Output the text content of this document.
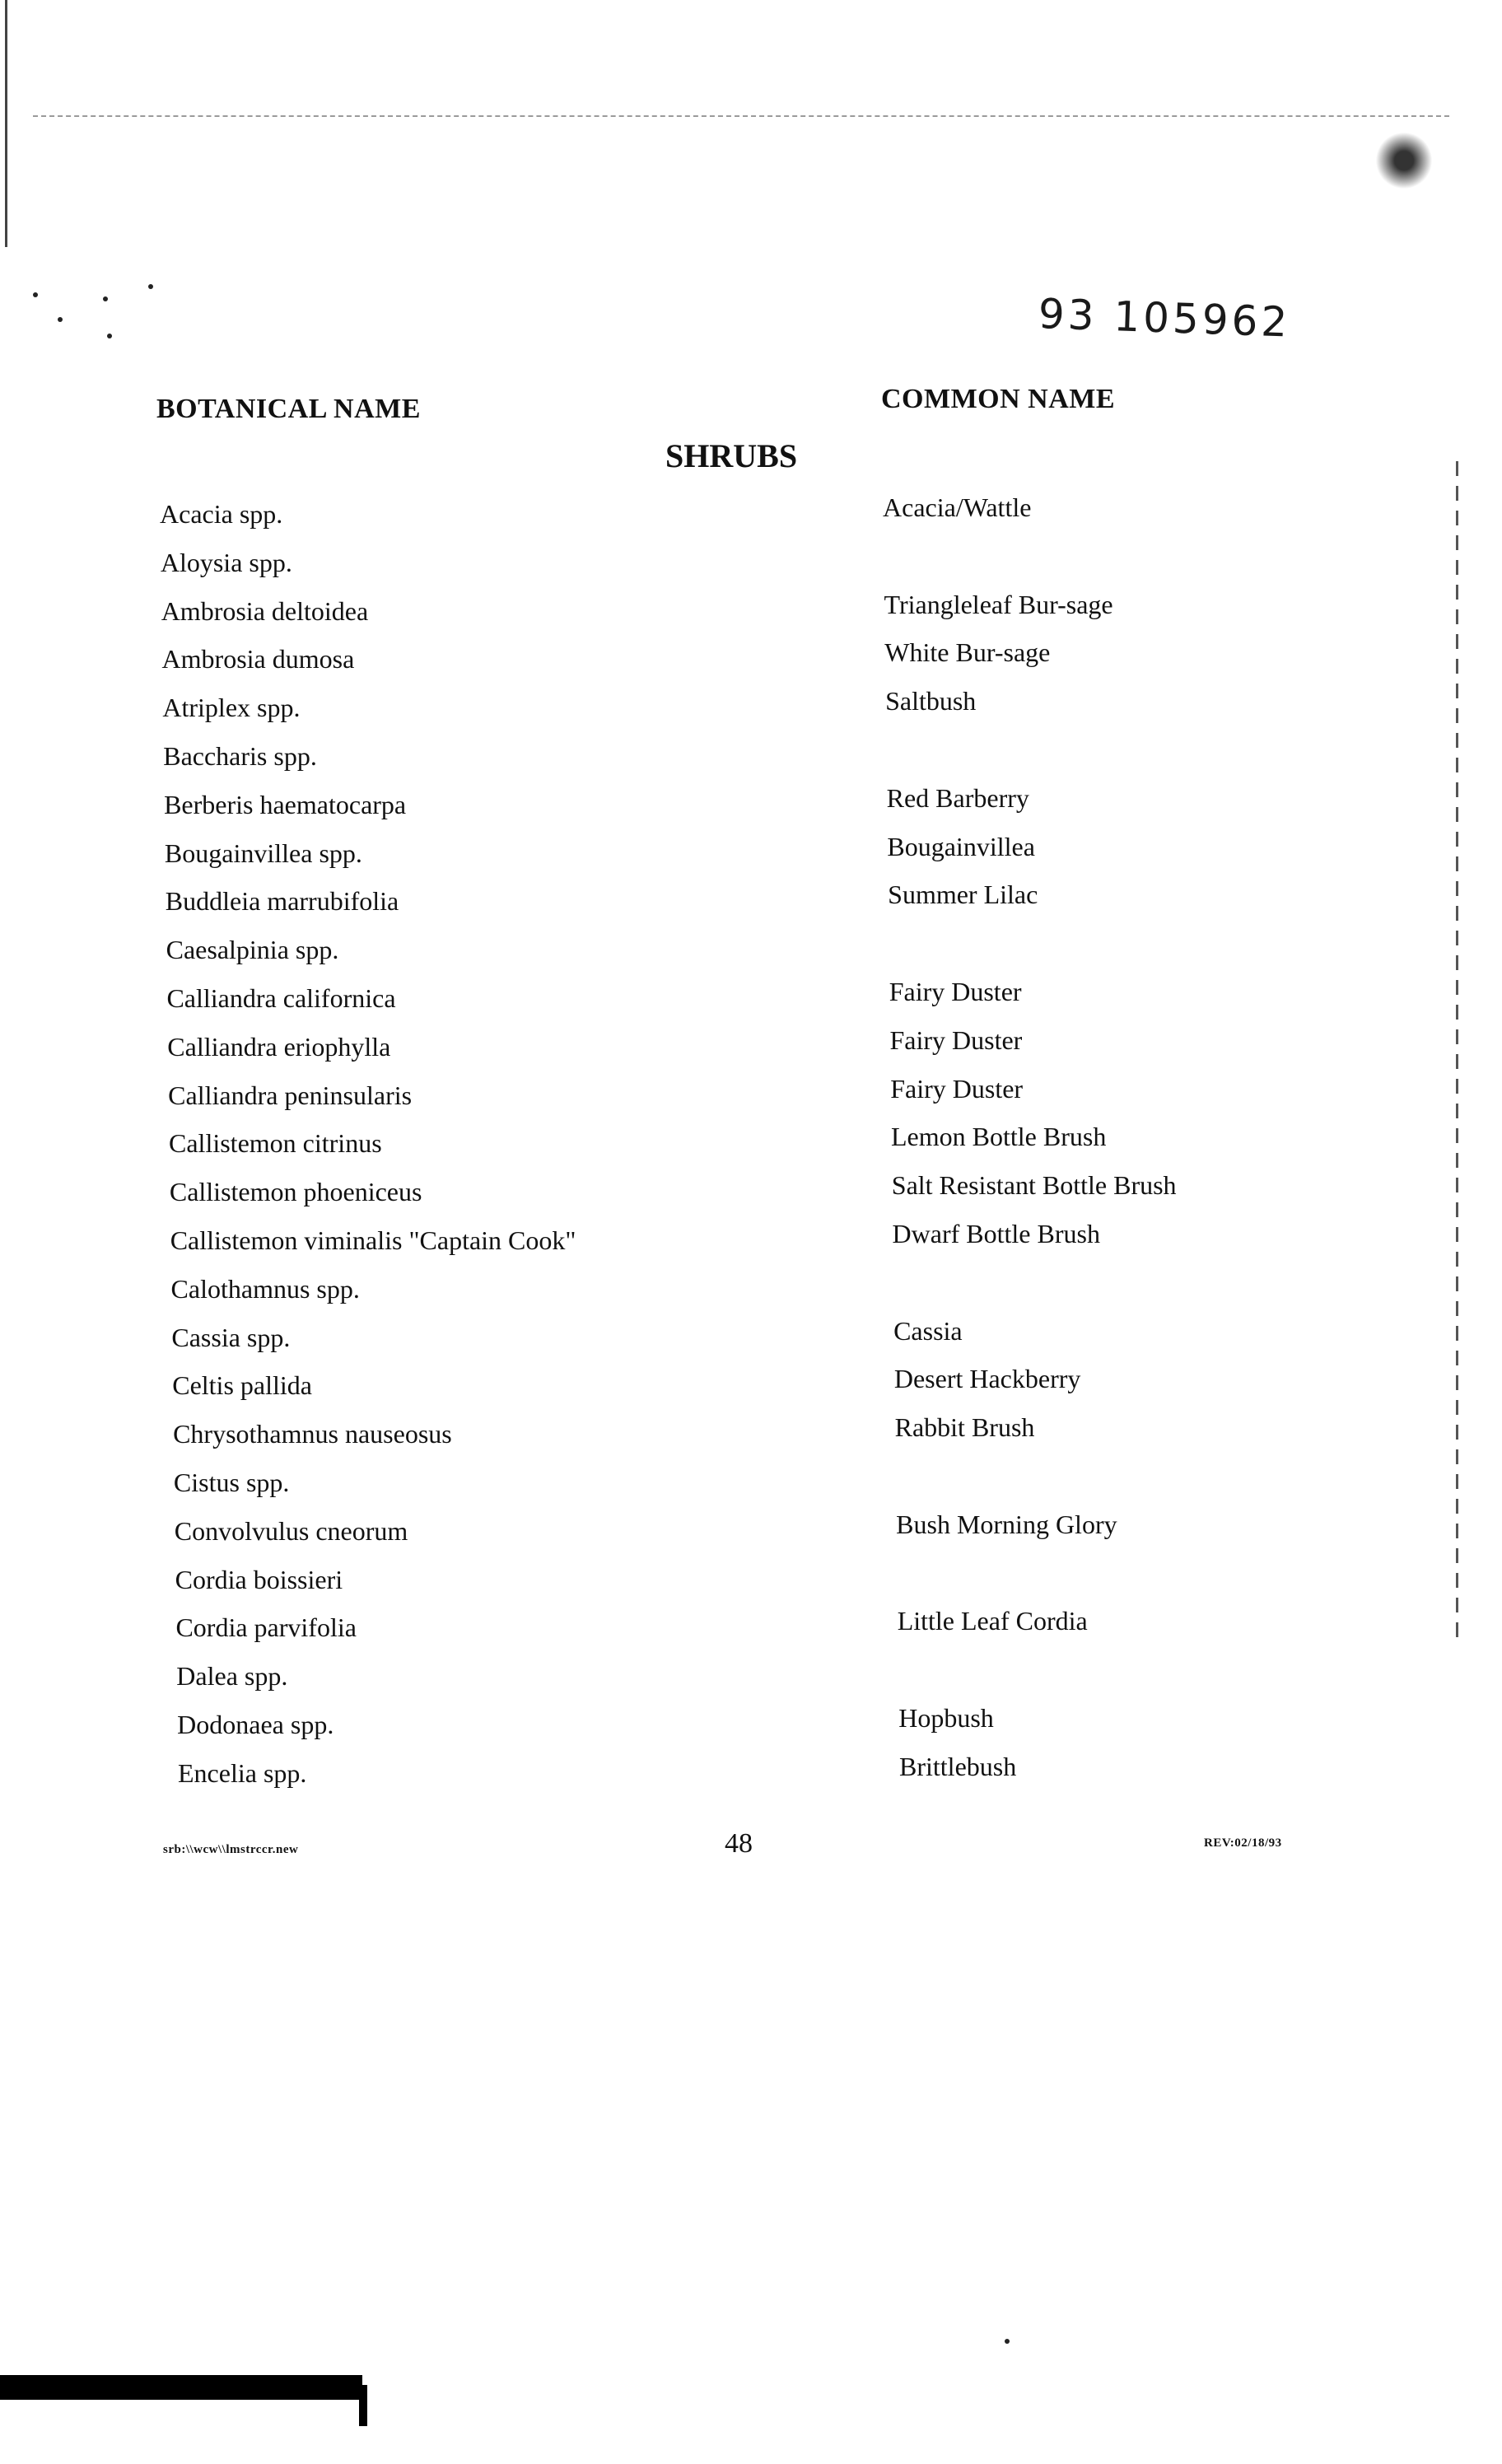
93 105962
BOTANICAL NAME	COMMON NAME
SHRUBS
Acacia spp.	Acacia/Wattle
Aloysia spp.
Ambrosia deltoidea	Triangleleaf Bur-sage
Ambrosia dumosa	White Bur-sage
Atriplex spp.	Saltbush
Baccharis spp.
Berberis haematocarpa	Red Barberry
Bougainvillea spp.	Bougainvillea
Buddleia marrubifolia	Summer Lilac
Caesalpinia spp.
Calliandra californica	Fairy Duster
Calliandra eriophylla	Fairy Duster
Calliandra peninsularis	Fairy Duster
Callistemon citrinus	Lemon Bottle Brush
Callistemon phoeniceus	Salt Resistant Bottle Brush
Callistemon viminalis "Captain Cook"	Dwarf Bottle Brush
Calothamnus spp.
Cassia spp.	Cassia
Celtis pallida	Desert Hackberry
Chrysothamnus nauseosus	Rabbit Brush
Cistus spp.
Convolvulus cneorum	Bush Morning Glory
Cordia boissieri
Cordia parvifolia	Little Leaf Cordia
Dalea spp.
Dodonaea spp.	Hopbush
Encelia spp.	Brittlebush
srb:\\wcw\\lmstrccr.new	48	REV:02/18/93
